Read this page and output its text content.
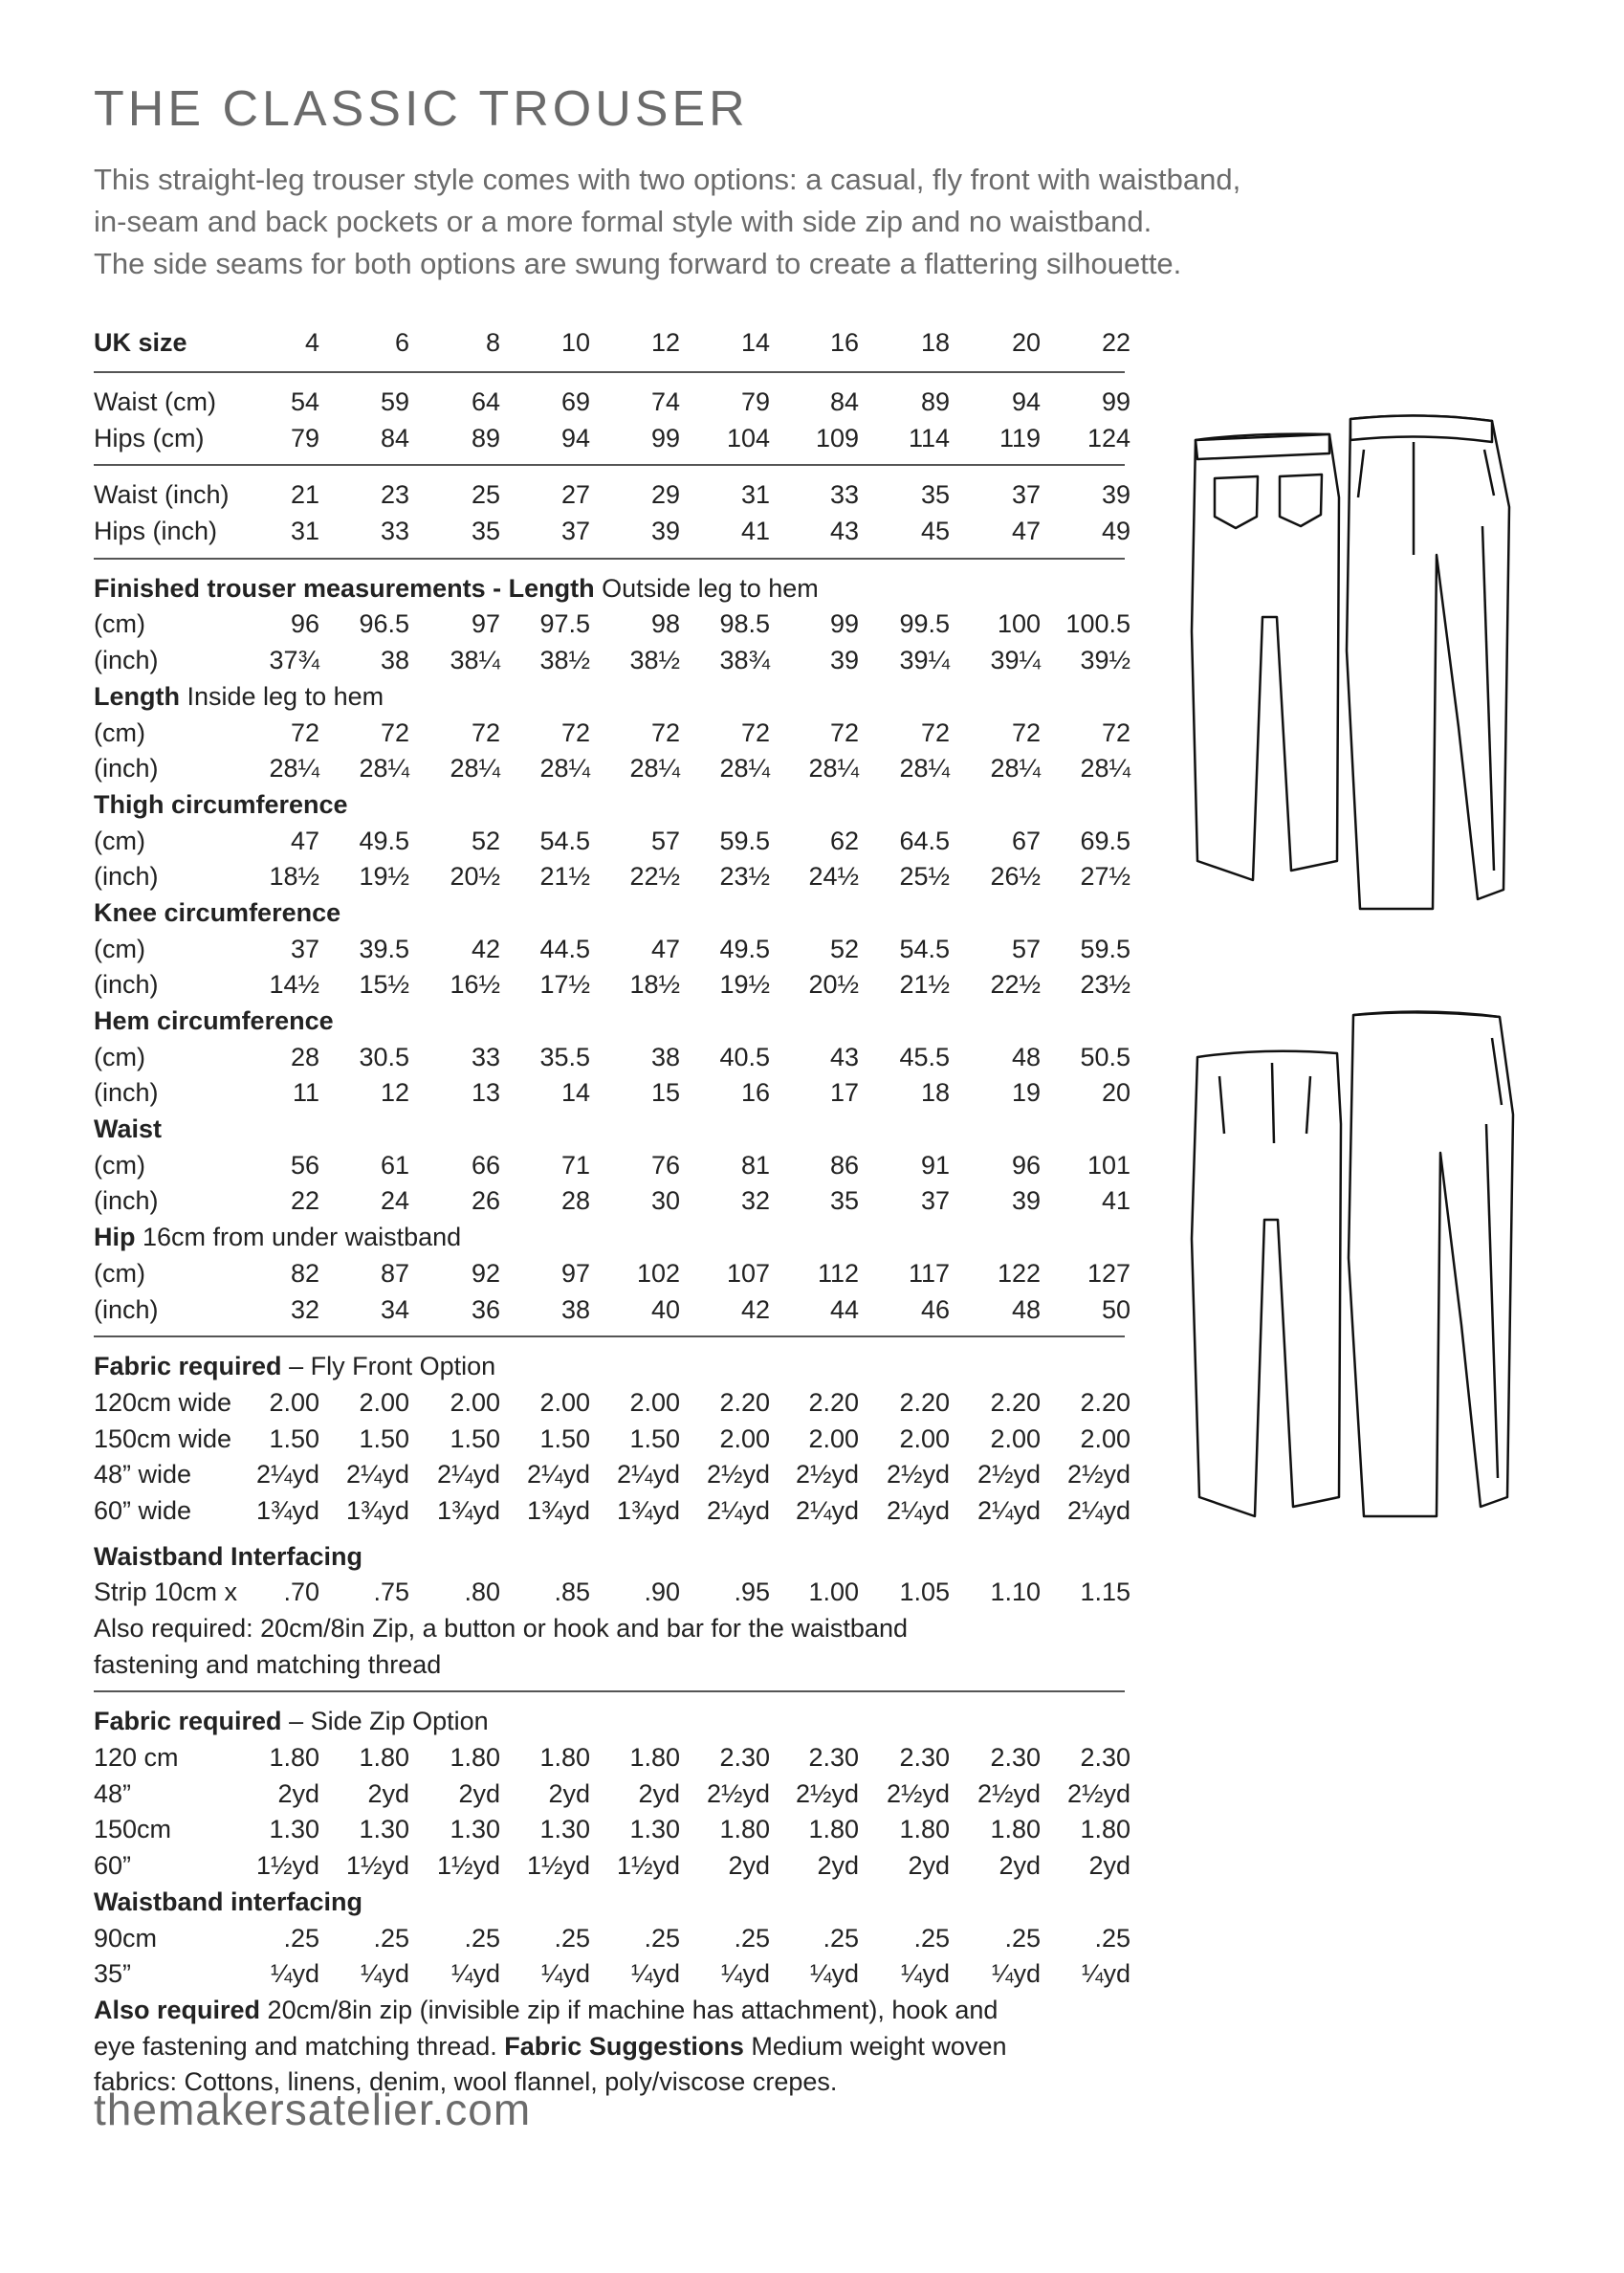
THE CLASSIC TROUSER
This straight-leg trouser style comes with two options: a casual, fly front with waistband,
in-seam and back pockets or a more formal style with side zip and no waistband.
The side seams for both options are swung forward to create a flattering silhouette.
UK size	4	6	8	10	12	14	16	18	20	22
Waist (cm)	54	59	64	69	74	79	84	89	94	99
Hips (cm)	79	84	89	94	99	104	109	114	119	124
Waist (inch)	21	23	25	27	29	31	33	35	37	39
Hips (inch)	31	33	35	37	39	41	43	45	47	49
Finished trouser measurements - Length Outside leg to hem
(cm)	96	96.5	97	97.5	98	98.5	99	99.5	100 100.5
(inch)	37¾	38	38¼	38½	38½	38¾	39	39¼	39¼	39½
Length Inside leg to hem
(cm)	72	72	72	72	72	72	72	72	72	72
(inch)	28¼	28¼	28¼	28¼	28¼	28¼	28¼	28¼	28¼	28¼
Thigh circumference
(cm)	47	49.5	52	54.5	57	59.5	62	64.5	67	69.5
(inch)	18½	19½	20½	21½	22½	23½	24½	25½	26½	27½
Knee circumference
(cm)	37	39.5	42	44.5	47	49.5	52	54.5	57	59.5
(inch)	14½	15½	16½	17½	18½	19½	20½	21½	22½	23½
Hem circumference
(cm)	28	30.5	33	35.5	38	40.5	43	45.5	48	50.5
(inch)	11	12	13	14	15	16	17	18	19	20
Waist
(cm)	56	61	66	71	76	81	86	91	96	101
(inch)	22	24	26	28	30	32	35	37	39	41
Hip 16cm from under waistband
(cm)	82	87	92	97	102	107	112	117	122	127
(inch)	32	34	36	38	40	42	44	46	48	50
Fabric required – Fly Front Option
120cm wide	2.00	2.00	2.00	2.00	2.00	2.20	2.20	2.20	2.20	2.20
150cm wide	1.50	1.50	1.50	1.50	1.50	2.00	2.00	2.00	2.00	2.00
48” wide	2¼yd	2¼yd	2¼yd	2¼yd	2¼yd	2½yd 2½yd	2½yd	2½yd	2½yd
60” wide	1¾yd	1¾yd	1¾yd	1¾yd	1¾yd	2¼yd 2¼yd	2¼yd	2¼yd	2¼yd
Waistband Interfacing
Strip 10cm x	.70	.75	.80	.85	.90	.95	1.00	1.05	1.10	1.15
Also required: 20cm/8in Zip, a button or hook and bar for the waistband
fastening and matching thread
Fabric required – Side Zip Option
120 cm	1.80	1.80	1.80	1.80	1.80	2.30	2.30	2.30	2.30	2.30
48”	2yd	2yd	2yd	2yd	2yd	2½yd 2½yd	2½yd	2½yd	2½yd
150cm	1.30	1.30	1.30	1.30	1.30	1.80	1.80	1.80	1.80	1.80
60”	1½yd	1½yd	1½yd	1½yd	1½yd	2yd	2yd	2yd	2yd	2yd
Waistband interfacing
90cm	.25	.25	.25	.25	.25	.25	.25	.25	.25	.25
35”	¼yd	¼yd	¼yd	¼yd	¼yd	¼yd	¼yd	¼yd	¼yd	¼yd
Also required 20cm/8in zip (invisible zip if machine has attachment), hook and
eye fastening and matching thread. Fabric Suggestions Medium weight woven
fabrics: Cottons, linens, denim, wool flannel, poly/viscose crepes.
themakersatelier.com
